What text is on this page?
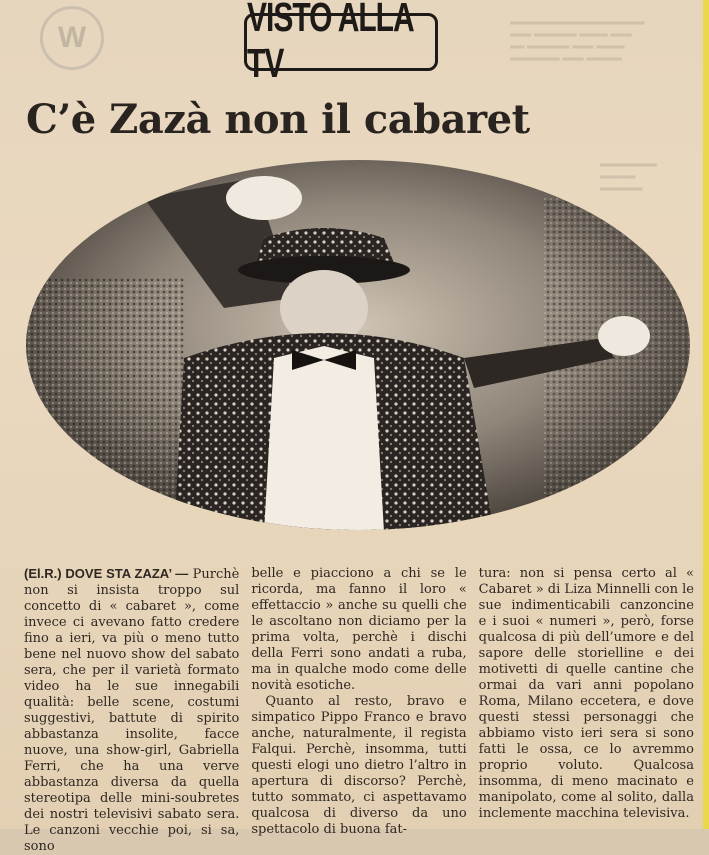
W	═══════════════════
═══ ══════ ════ ═══
══ ══════ ═══ ════
═══════ ═══ ═════
════════
═════
══════
VISTO ALLA TV
C’è Zazà non il cabaret

(El.R.) DOVE STA ZAZA’ — Purchè non si insista troppo sul concetto di « cabaret », come invece ci avevano fatto credere fino a ieri, va più o meno tutto bene nel nuovo show del sabato sera, che per il varietà formato video ha le sue innegabili qualità: belle scene, costumi suggestivi, battute di spirito abbastanza insolite, facce nuove, una show-girl, Gabriella Ferri, che ha una verve abbastanza diversa da quella stereotipa delle mini-soubretes dei nostri televisivi sabato sera. Le canzoni vecchie poi, si sa, sono

belle e piacciono a chi se le ricorda, ma fanno il loro « effettaccio » anche su quelli che le ascoltano non diciamo per la prima volta, perchè i dischi della Ferri sono andati a ruba, ma in qualche modo come delle novità esotiche.

Quanto al resto, bravo e simpatico Pippo Franco e bravo anche, naturalmente, il regista Falqui. Perchè, insomma, tutti questi elogi uno dietro l’altro in apertura di discorso? Perchè, tutto sommato, ci aspettavamo qualcosa di diverso da uno spettacolo di buona fat-

tura: non si pensa certo al « Cabaret » di Liza Minnelli con le sue indimenticabili canzoncine e i suoi « numeri », però, forse qualcosa di più dell’umore e del sapore delle storielline e dei motivetti di quelle cantine che ormai da vari anni popolano Roma, Milano eccetera, e dove questi stessi personaggi che abbiamo visto ieri sera si sono fatti le ossa, ce lo avremmo proprio voluto. Qualcosa insomma, di meno macinato e manipolato, come al solito, dalla inclemente macchina televisiva.
